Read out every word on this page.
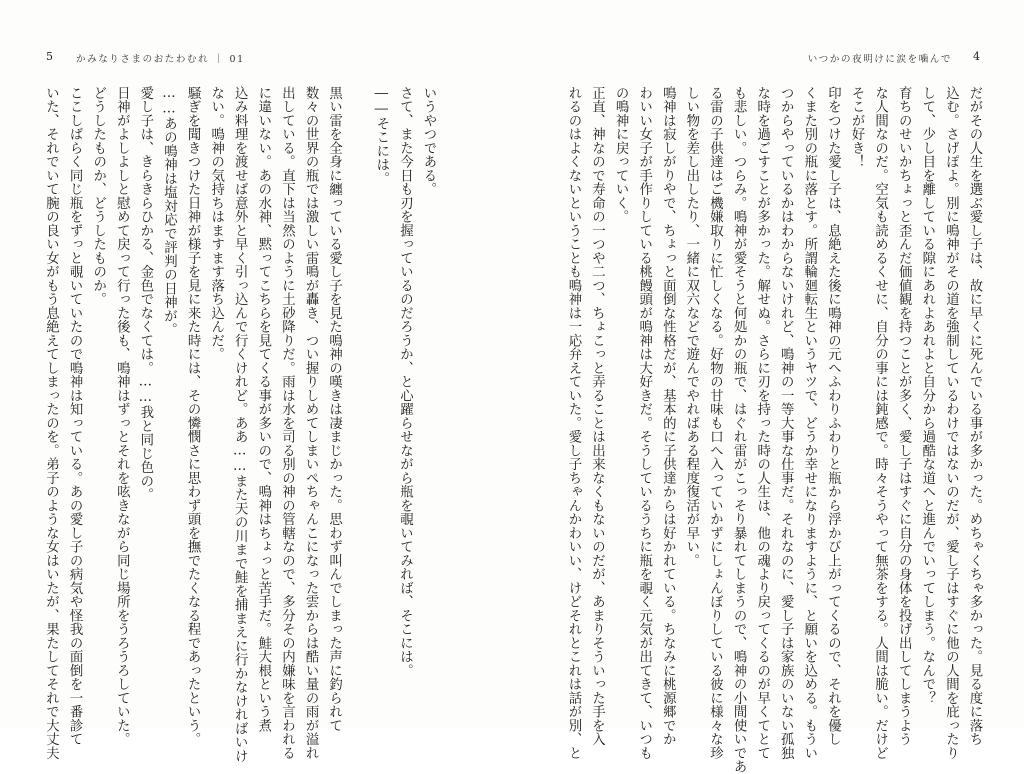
5 かみなりさまのおたわむれ ｜ 01
いうやつである。
さて、また今日も刃を握っているのだろうか、と心躍らせながら瓶を覗いてみれば、そこには。
――そこには。
黒い雷を全身に纏っている愛し子を見た鳴神の嘆きは凄まじかった。思わず叫んでしまった声に釣られて
数々の世界の瓶では激しい雷鳴が轟き、つい握りしめてしまいぺちゃんこになった雲からは酷い量の雨が溢れ
出している。直下は当然のように土砂降りだ。雨は水を司る別の神の管轄なので、多分その内嫌味を言われる
に違いない。あの水神、黙ってこちらを見てくる事が多いので、鳴神はちょっと苦手だ。鮭大根という煮
込み料理を渡せば意外と早く引っ込んで行くけれど。ああ……また天の川まで鮭を捕まえに行かなければいけ
ない。鳴神の気持ちはますます落ち込んだ。
騒ぎを聞きつけた日神が様子を見に来た時には、その憐憫さに思わず頭を撫でたくなる程であったという。
……あの鳴神は塩対応で評判の日神が。
愛し子は、きらきらひかる、金色でなくては。……我と同じ色の。
日神がよしよしと慰めて戻って行った後も、鳴神はずっとそれを呟きながら同じ場所をうろうろしていた。
どうしたものか、どうしたものか。
ここしばらく同じ瓶をずっと覗いていたので鳴神は知っている。あの愛し子の病気や怪我の面倒を一番診て
いた、それでいて腕の良い女がもう息絶えてしまったのを。弟子のような女はいたが、果たしてそれで大丈夫
いつかの夜明けに涙を噛んで 4
だがその人生を選ぶ愛し子は、故に早くに死んでいる事が多かった。めちゃくちゃ多かった。見る度に落ち
込む。さげぽよ。別に鳴神がその道を強制しているわけではないのだが、愛し子はすぐに他の人間を庇ったり
して、少し目を離している隙にあれよあれよと自分から過酷な道へと進んでいってしまう。なんで？
育ちのせいかちょっと歪んだ価値観を持つことが多く、愛し子はすぐに自分の身体を投げ出してしまうよう
な人間なのだ。空気も読めるくせに、自分の事には鈍感で。時々そうやって無茶をする。人間は脆い。だけど
そこが好き！
印をつけた愛し子は、息絶えた後に鳴神の元へふわりふわりと瓶から浮かび上がってくるので、それを優し
くまた別の瓶に落とす。所謂輪廻転生というヤツで、どうか幸せになりますように、と願いを込める。もうい
つからやっているかはわからないけれど、鳴神の一等大事な仕事だ。それなのに、愛し子は家族のいない孤独
な時を過ごすことが多かった。解せぬ。さらに刃を持った時の人生は、他の魂より戻ってくるのが早くてとて
も悲しい。つらみ。鳴神が愛そうと何処かの瓶で、はぐれ雷がこっそり暴れてしまうので、鳴神の小間使いであ
る雷の子供達はご機嫌取りに忙しくなる。好物の甘味も口へ入っていかずにしょんぼりしている彼に様々な珍
しい物を差し出したり、一緒に双六などで遊んでやればある程度復活が早い。
鳴神は寂しがりやで、ちょっと面倒な性格だが、基本的に子供達からは好かれている。ちなみに桃源郷でか
わいい女子が手作りしている桃饅頭が鳴神は大好きだ。そうしているうちに瓶を覗く元気が出てきて、いつも
の鳴神に戻っていく。
正直、神なので寿命の一つや二つ、ちょこっと弄ることは出来なくもないのだが、あまりそういった手を入
れるのはよくないということも鳴神は一応弁えていた。愛し子ちゃんかわいい、けどそれとこれは話が別、と
